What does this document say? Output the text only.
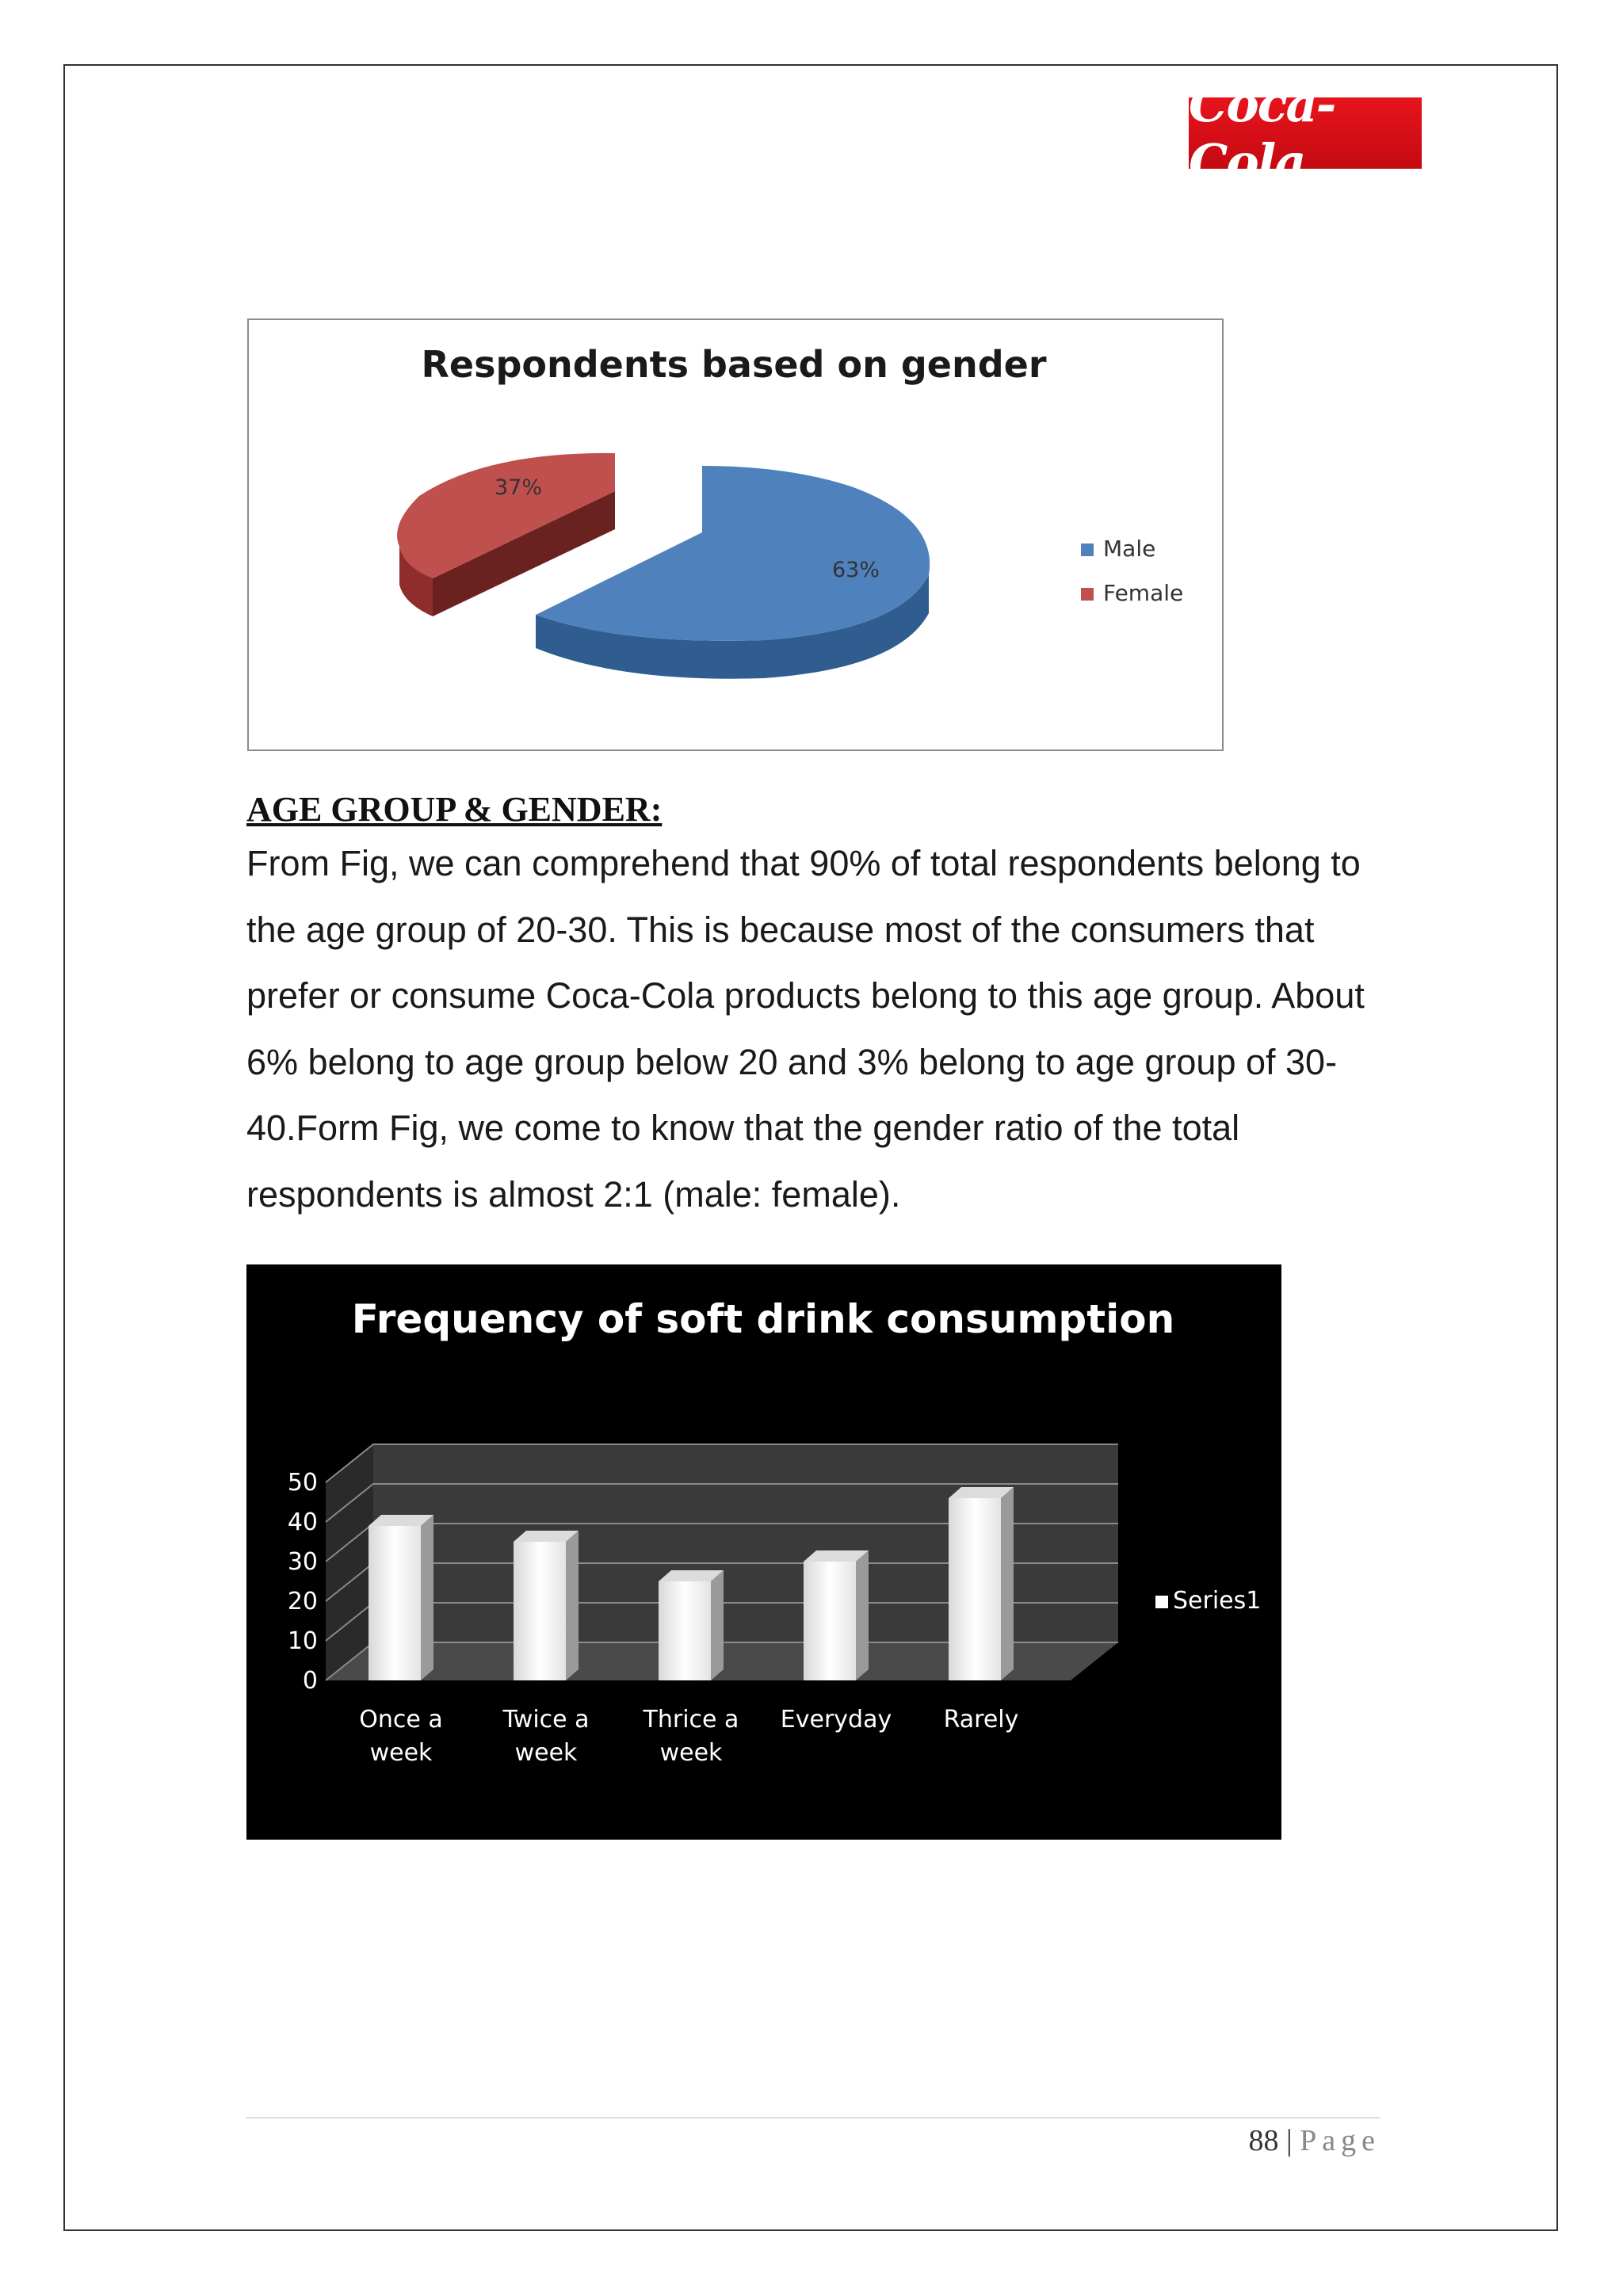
Coca-Cola
Respondents based on gender
37%
63%
Male
Female
AGE GROUP & GENDER:

From Fig, we can comprehend that 90% of total respondents belong to the age group of 20-30. This is because most of the consumers that prefer or consume Coca-Cola products belong to this age group. About 6% belong to age group below 20 and 3% belong to age group of 30-40.Form Fig, we come to know that the gender ratio of the total respondents is almost 2:1 (male: female).

Frequency of soft drink consumption
0
10
20
30
40
50
Once a
week
Twice a
week
Thrice a
week
Everyday Rarely
Series1
88 | Page
